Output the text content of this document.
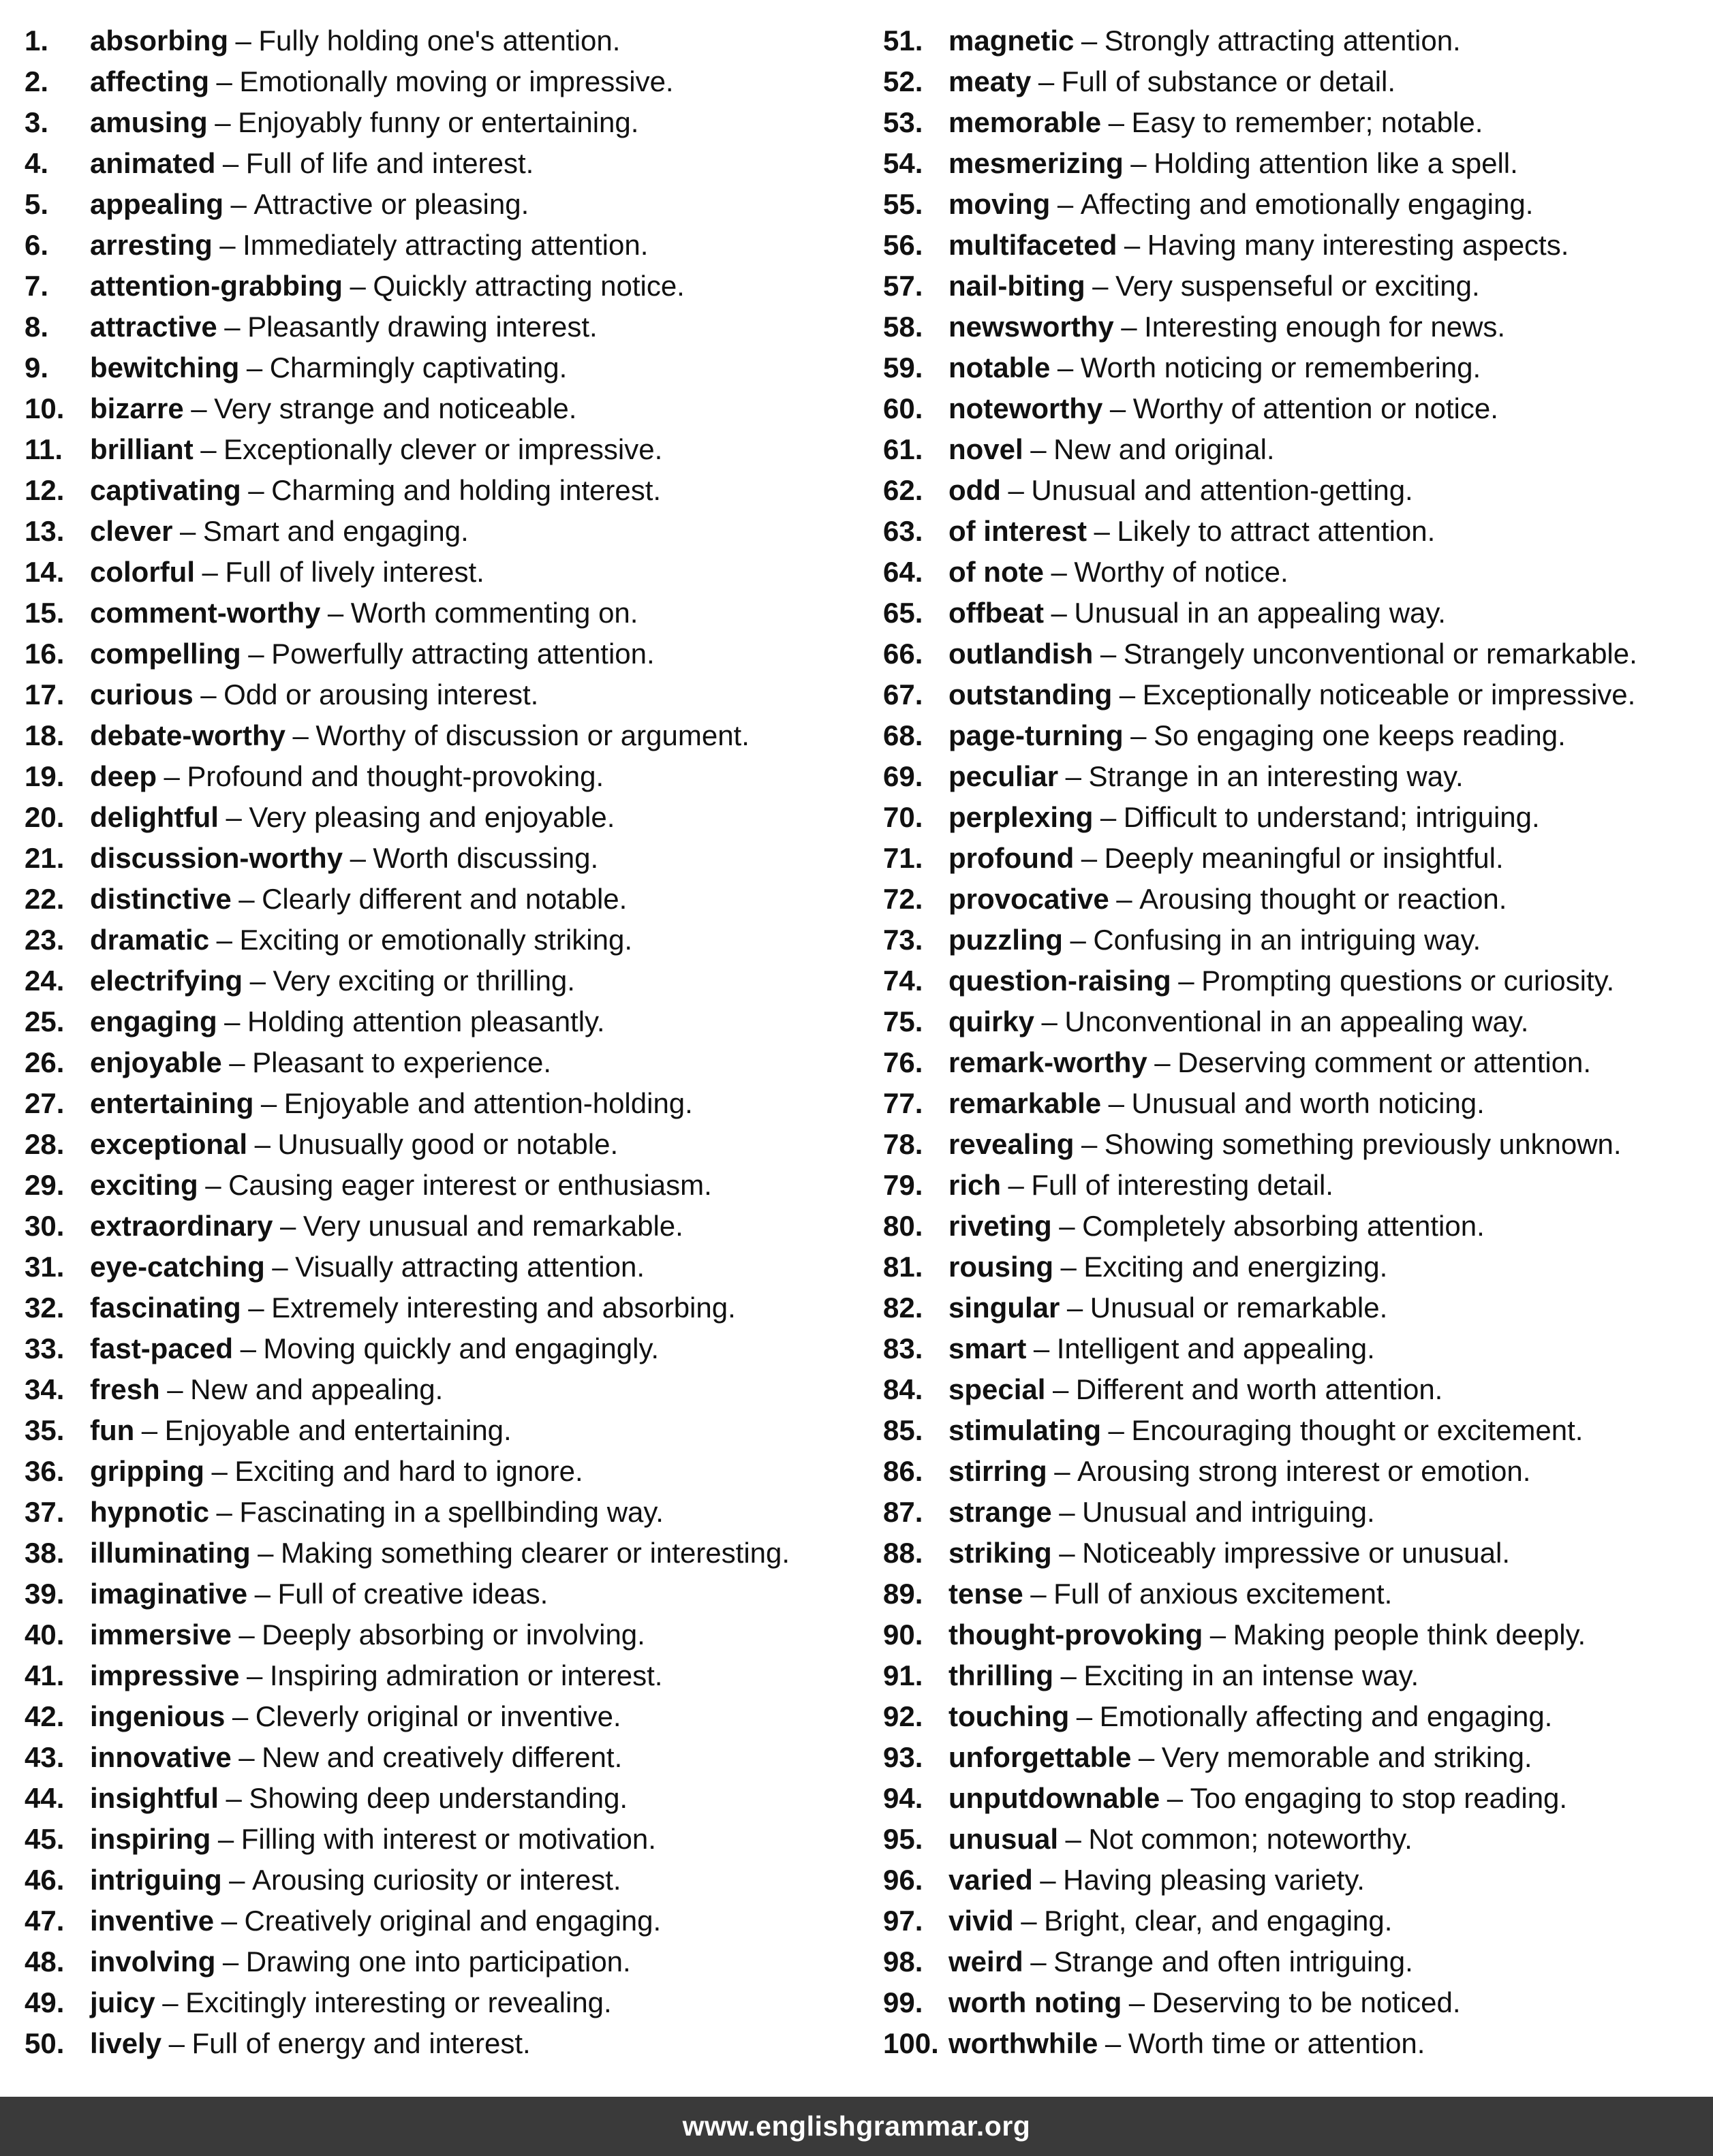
1.	absorbing – Fully holding one's attention.
2.	affecting – Emotionally moving or impressive.
3.	amusing – Enjoyably funny or entertaining.
4.	animated – Full of life and interest.
5.	appealing – Attractive or pleasing.
6.	arresting – Immediately attracting attention.
7.	attention-grabbing – Quickly attracting notice.
8.	attractive – Pleasantly drawing interest.
9.	bewitching – Charmingly captivating.
10. bizarre – Very strange and noticeable.
11. brilliant – Exceptionally clever or impressive.
12. captivating – Charming and holding interest.
13. clever – Smart and engaging.
14. colorful – Full of lively interest.
15. comment-worthy – Worth commenting on.
16. compelling – Powerfully attracting attention.
17. curious – Odd or arousing interest.
18. debate-worthy – Worthy of discussion or argument.
19. deep – Profound and thought-provoking.
20. delightful – Very pleasing and enjoyable.
21. discussion-worthy – Worth discussing.
22. distinctive – Clearly different and notable.
23. dramatic – Exciting or emotionally striking.
24. electrifying – Very exciting or thrilling.
25. engaging – Holding attention pleasantly.
26. enjoyable – Pleasant to experience.
27. entertaining – Enjoyable and attention-holding.
28. exceptional – Unusually good or notable.
29. exciting – Causing eager interest or enthusiasm.
30. extraordinary – Very unusual and remarkable.
31. eye-catching – Visually attracting attention.
32. fascinating – Extremely interesting and absorbing.
33. fast-paced – Moving quickly and engagingly.
34. fresh – New and appealing.
35. fun – Enjoyable and entertaining.
36. gripping – Exciting and hard to ignore.
37. hypnotic – Fascinating in a spellbinding way.
38. illuminating – Making something clearer or interesting.
39. imaginative – Full of creative ideas.
40. immersive – Deeply absorbing or involving.
41. impressive – Inspiring admiration or interest.
42. ingenious – Cleverly original or inventive.
43. innovative – New and creatively different.
44. insightful – Showing deep understanding.
45. inspiring – Filling with interest or motivation.
46. intriguing – Arousing curiosity or interest.
47. inventive – Creatively original and engaging.
48. involving – Drawing one into participation.
49. juicy – Excitingly interesting or revealing.
50. lively – Full of energy and interest.
51. magnetic – Strongly attracting attention.
52. meaty – Full of substance or detail.
53. memorable – Easy to remember; notable.
54. mesmerizing – Holding attention like a spell.
55. moving – Affecting and emotionally engaging.
56. multifaceted – Having many interesting aspects.
57. nail-biting – Very suspenseful or exciting.
58. newsworthy – Interesting enough for news.
59. notable – Worth noticing or remembering.
60. noteworthy – Worthy of attention or notice.
61. novel – New and original.
62. odd – Unusual and attention-getting.
63. of interest – Likely to attract attention.
64. of note – Worthy of notice.
65. offbeat – Unusual in an appealing way.
66. outlandish – Strangely unconventional or remarkable.
67. outstanding – Exceptionally noticeable or impressive.
68. page-turning – So engaging one keeps reading.
69. peculiar – Strange in an interesting way.
70. perplexing – Difficult to understand; intriguing.
71. profound – Deeply meaningful or insightful.
72. provocative – Arousing thought or reaction.
73. puzzling – Confusing in an intriguing way.
74. question-raising – Prompting questions or curiosity.
75. quirky – Unconventional in an appealing way.
76. remark-worthy – Deserving comment or attention.
77. remarkable – Unusual and worth noticing.
78. revealing – Showing something previously unknown.
79. rich – Full of interesting detail.
80. riveting – Completely absorbing attention.
81. rousing – Exciting and energizing.
82. singular – Unusual or remarkable.
83. smart – Intelligent and appealing.
84. special – Different and worth attention.
85. stimulating – Encouraging thought or excitement.
86. stirring – Arousing strong interest or emotion.
87. strange – Unusual and intriguing.
88. striking – Noticeably impressive or unusual.
89. tense – Full of anxious excitement.
90. thought-provoking – Making people think deeply.
91. thrilling – Exciting in an intense way.
92. touching – Emotionally affecting and engaging.
93. unforgettable – Very memorable and striking.
94. unputdownable – Too engaging to stop reading.
95. unusual – Not common; noteworthy.
96. varied – Having pleasing variety.
97. vivid – Bright, clear, and engaging.
98. weird – Strange and often intriguing.
99. worth noting – Deserving to be noticed.
100. worthwhile – Worth time or attention.
www.englishgrammar.org
